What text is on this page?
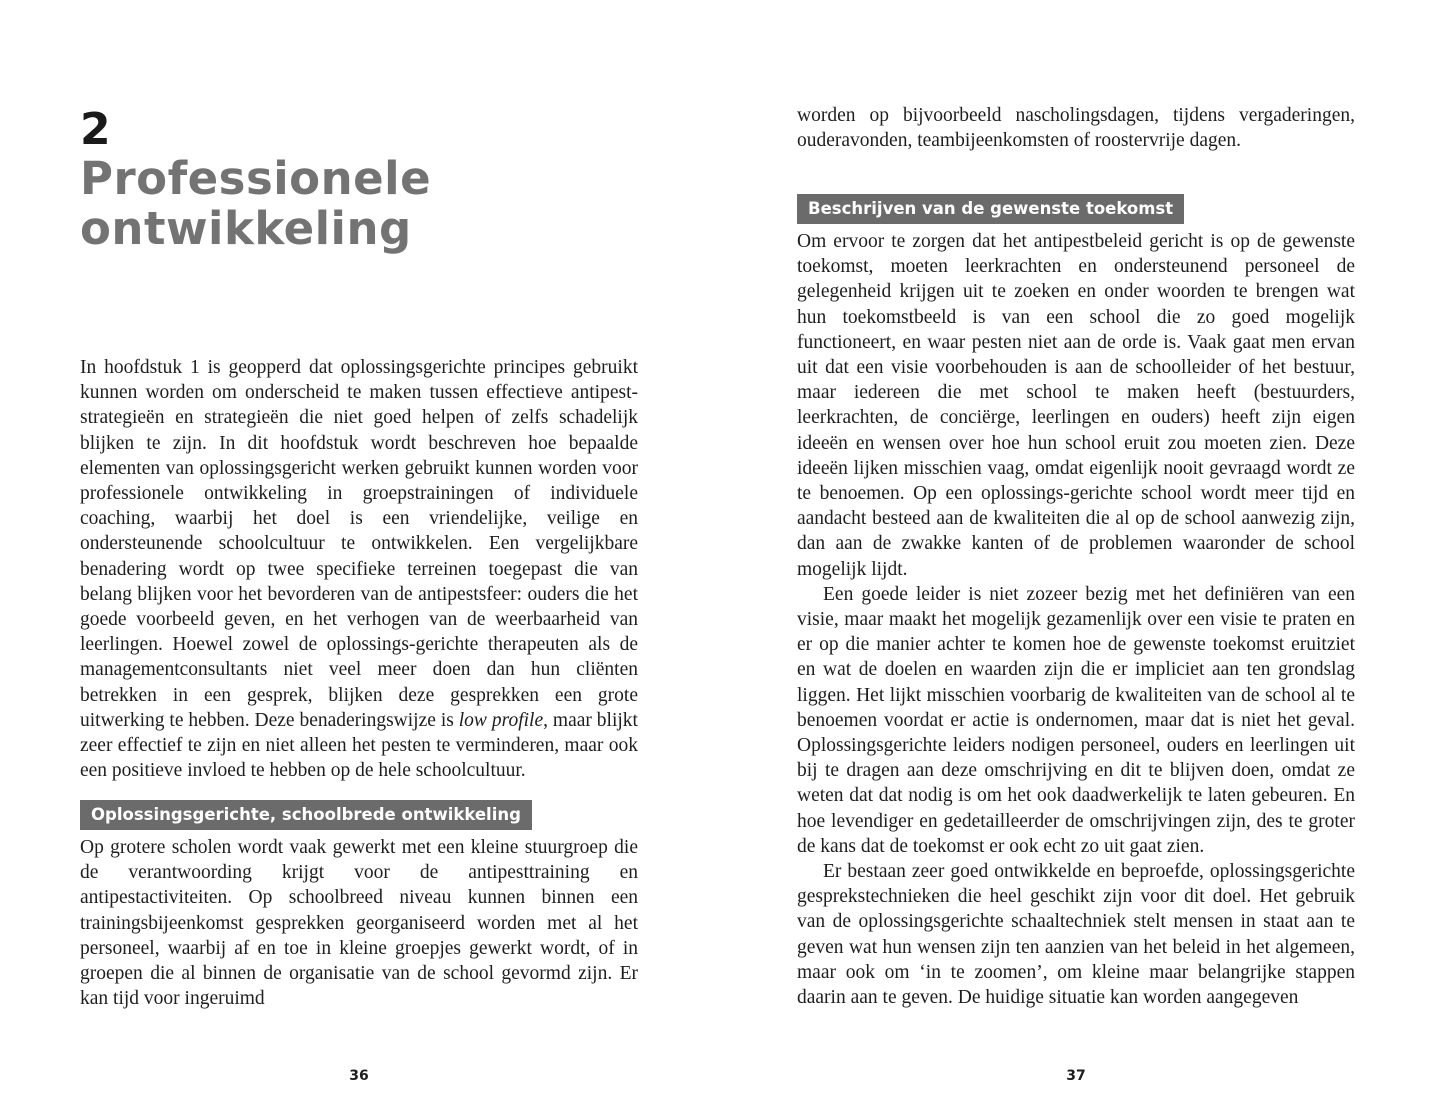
2
Professionele
ontwikkeling

In hoofdstuk 1 is geopperd dat oplossingsgerichte principes gebruikt kunnen worden om onderscheid te maken tussen effectieve antipest-strategieën en strategieën die niet goed helpen of zelfs schadelijk blijken te zijn. In dit hoofdstuk wordt beschreven hoe bepaalde elementen van oplossingsgericht werken gebruikt kunnen worden voor professionele ontwikkeling in groepstrainingen of individuele coaching, waarbij het doel is een vriendelijke, veilige en ondersteunende schoolcultuur te ontwikkelen. Een vergelijkbare benadering wordt op twee specifieke terreinen toegepast die van belang blijken voor het bevorderen van de antipestsfeer: ouders die het goede voorbeeld geven, en het verhogen van de weerbaarheid van leerlingen. Hoewel zowel de oplossings-gerichte therapeuten als de managementconsultants niet veel meer doen dan hun cliënten betrekken in een gesprek, blijken deze gesprekken een grote uitwerking te hebben. Deze benaderingswijze is low profile, maar blijkt zeer effectief te zijn en niet alleen het pesten te verminderen, maar ook een positieve invloed te hebben op de hele schoolcultuur.

Oplossingsgerichte, schoolbrede ontwikkeling

Op grotere scholen wordt vaak gewerkt met een kleine stuurgroep die de verantwoording krijgt voor de antipesttraining en antipestactiviteiten. Op schoolbreed niveau kunnen binnen een trainingsbijeenkomst gesprekken georganiseerd worden met al het personeel, waarbij af en toe in kleine groepjes gewerkt wordt, of in groepen die al binnen de organisatie van de school gevormd zijn. Er kan tijd voor ingeruimd

36

worden op bijvoorbeeld nascholingsdagen, tijdens vergaderingen, ouderavonden, teambijeenkomsten of roostervrije dagen.

Beschrijven van de gewenste toekomst

Om ervoor te zorgen dat het antipestbeleid gericht is op de gewenste toekomst, moeten leerkrachten en ondersteunend personeel de gelegenheid krijgen uit te zoeken en onder woorden te brengen wat hun toekomstbeeld is van een school die zo goed mogelijk functioneert, en waar pesten niet aan de orde is. Vaak gaat men ervan uit dat een visie voorbehouden is aan de schoolleider of het bestuur, maar iedereen die met school te maken heeft (bestuurders, leerkrachten, de conciërge, leerlingen en ouders) heeft zijn eigen ideeën en wensen over hoe hun school eruit zou moeten zien. Deze ideeën lijken misschien vaag, omdat eigenlijk nooit gevraagd wordt ze te benoemen. Op een oplossings-gerichte school wordt meer tijd en aandacht besteed aan de kwaliteiten die al op de school aanwezig zijn, dan aan de zwakke kanten of de problemen waaronder de school mogelijk lijdt.

Een goede leider is niet zozeer bezig met het definiëren van een visie, maar maakt het mogelijk gezamenlijk over een visie te praten en er op die manier achter te komen hoe de gewenste toekomst eruitziet en wat de doelen en waarden zijn die er impliciet aan ten grondslag liggen. Het lijkt misschien voorbarig de kwaliteiten van de school al te benoemen voordat er actie is ondernomen, maar dat is niet het geval. Oplossingsgerichte leiders nodigen personeel, ouders en leerlingen uit bij te dragen aan deze omschrijving en dit te blijven doen, omdat ze weten dat dat nodig is om het ook daadwerkelijk te laten gebeuren. En hoe levendiger en gedetailleerder de omschrijvingen zijn, des te groter de kans dat de toekomst er ook echt zo uit gaat zien.

Er bestaan zeer goed ontwikkelde en beproefde, oplossingsgerichte gesprekstechnieken die heel geschikt zijn voor dit doel. Het gebruik van de oplossingsgerichte schaaltechniek stelt mensen in staat aan te geven wat hun wensen zijn ten aanzien van het beleid in het algemeen, maar ook om ‘in te zoomen’, om kleine maar belangrijke stappen daarin aan te geven. De huidige situatie kan worden aangegeven

37
